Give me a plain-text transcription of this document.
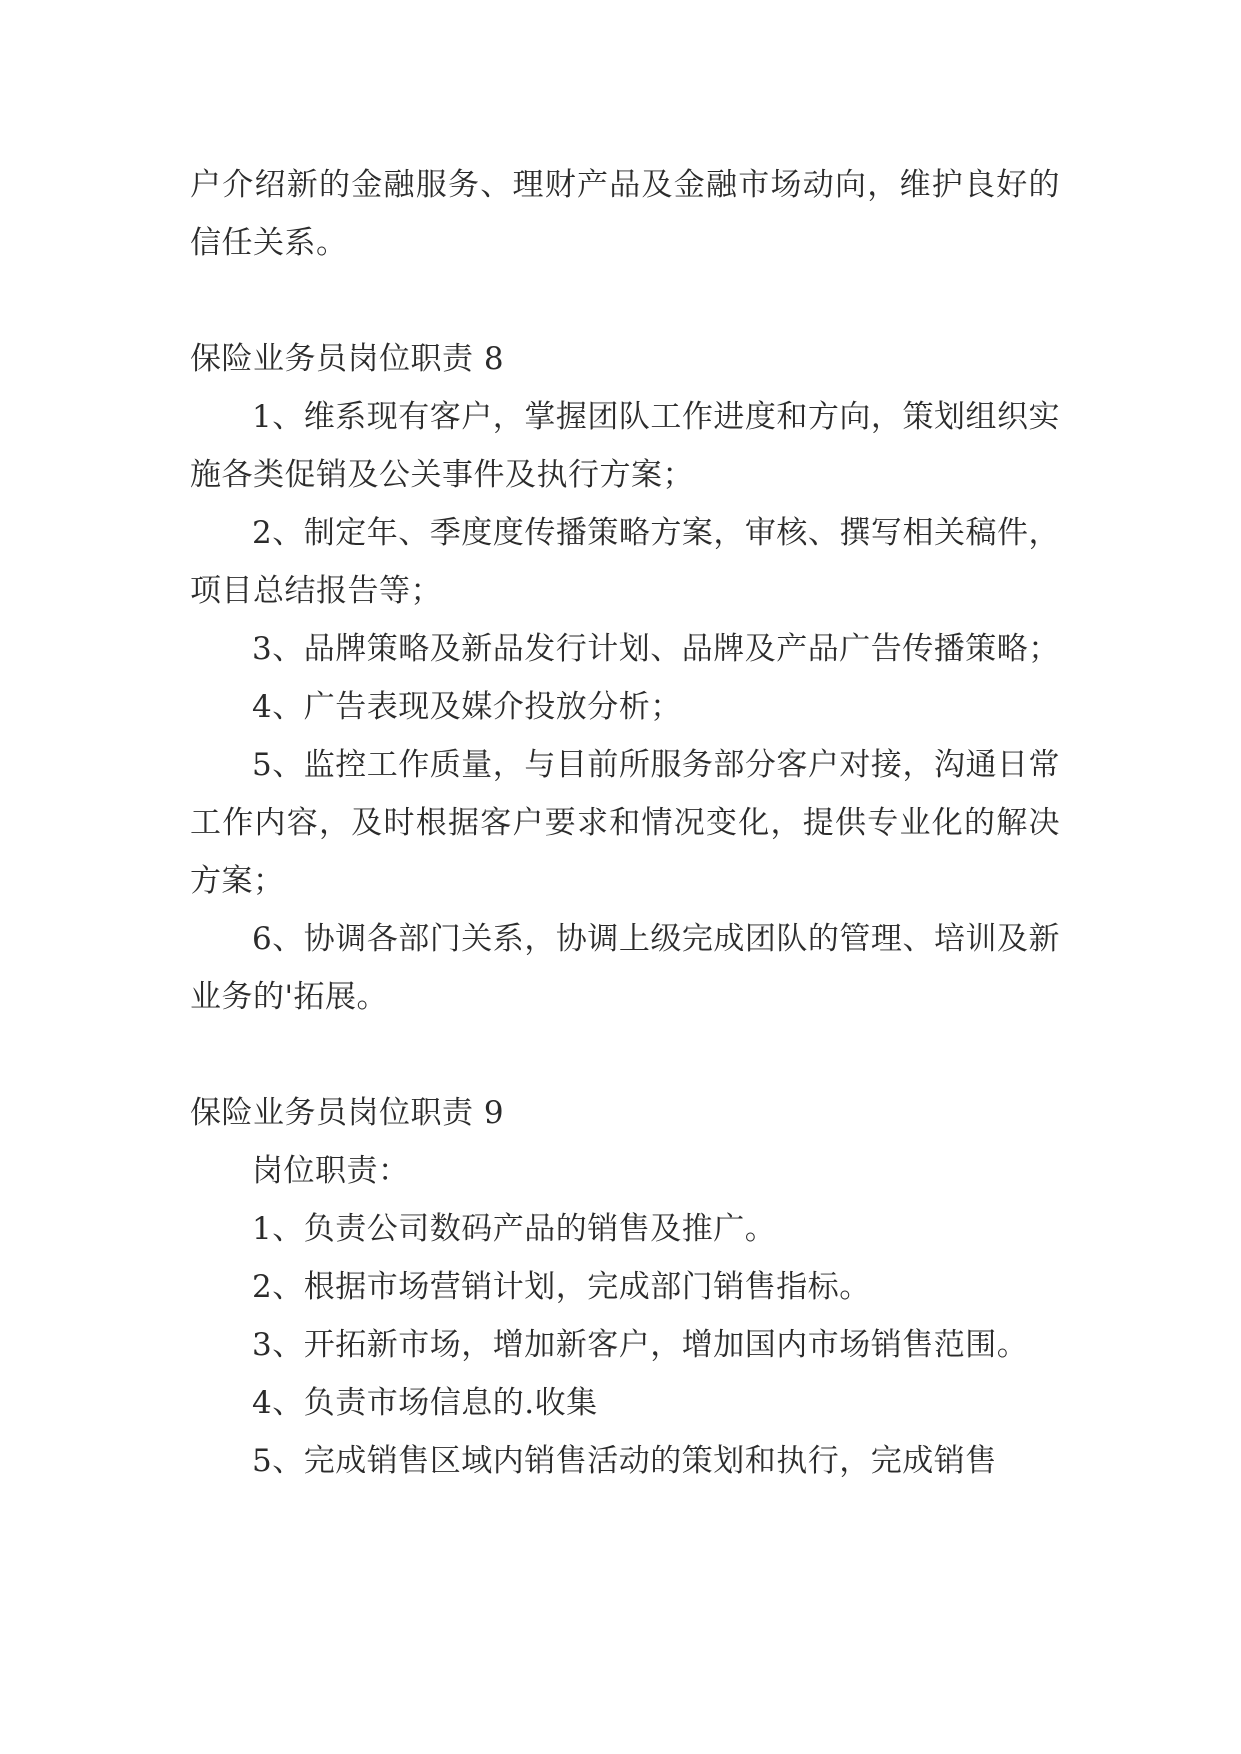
户介绍新的金融服务、理财产品及金融市场动向，维护良好的信任关系。

保险业务员岗位职责 8

1、维系现有客户，掌握团队工作进度和方向，策划组织实施各类促销及公关事件及执行方案；

2、制定年、季度度传播策略方案，审核、撰写相关稿件，项目总结报告等；

3、品牌策略及新品发行计划、品牌及产品广告传播策略；

4、广告表现及媒介投放分析；

5、监控工作质量，与目前所服务部分客户对接，沟通日常工作内容，及时根据客户要求和情况变化，提供专业化的解决方案；

6、协调各部门关系，协调上级完成团队的管理、培训及新业务的'拓展。

保险业务员岗位职责 9

岗位职责：

1、负责公司数码产品的销售及推广。

2、根据市场营销计划，完成部门销售指标。

3、开拓新市场，增加新客户，增加国内市场销售范围。

4、负责市场信息的.收集

5、完成销售区域内销售活动的策划和执行，完成销售
